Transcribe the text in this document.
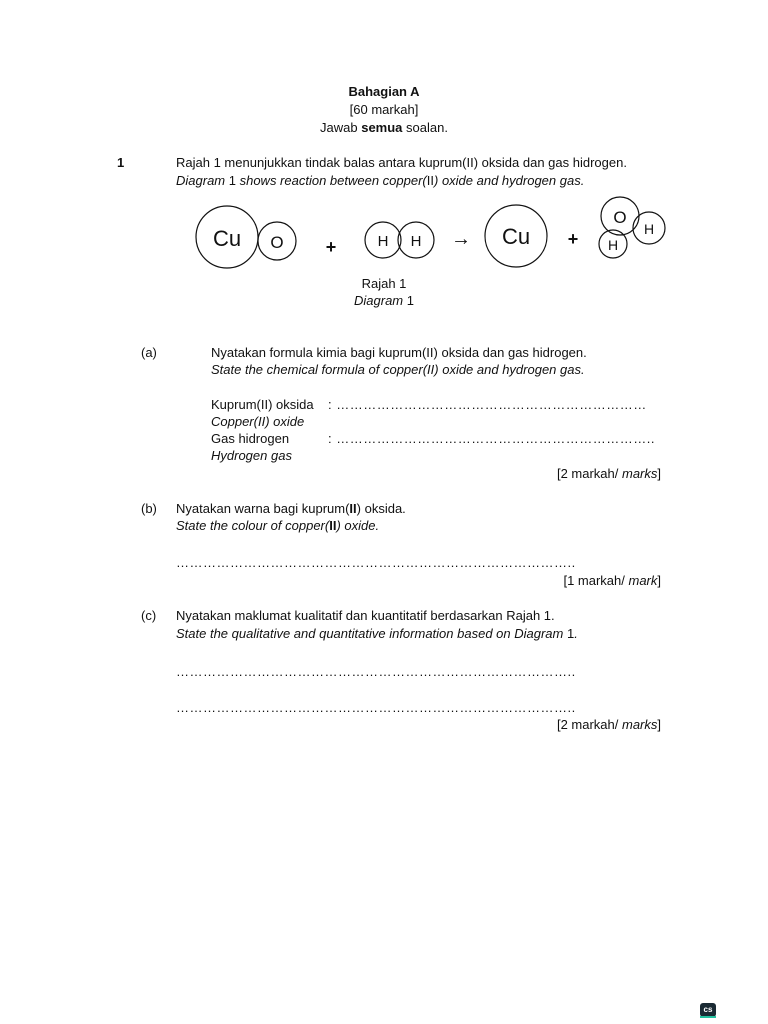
Bahagian A
[60 markah]
Jawab semua soalan.
1	Rajah 1 menunjukkan tindak balas antara kuprum(II) oksida dan gas hidrogen.
Diagram 1 shows reaction between copper(II) oxide and hydrogen gas.
Cu O +	H H → Cu +
O
H
H
Rajah 1
Diagram 1
(a)	Nyatakan formula kimia bagi kuprum(II) oksida dan gas hidrogen.
State the chemical formula of copper(II) oxide and hydrogen gas.
Kuprum(II) oksida : ……………………………………………………………
Copper(II) oxide
Gas hidrogen	: ……………………………………………………………..
Hydrogen gas
[2 markah/ marks]
(b) Nyatakan warna bagi kuprum(II) oksida.
State the colour of copper(II) oxide.
……………………………………………………………………………..
[1 markah/ mark]
(c) Nyatakan maklumat kualitatif dan kuantitatif berdasarkan Rajah 1.
State the qualitative and quantitative information based on Diagram 1.
……………………………………………………………………………..
……………………………………………………………………………..
[2 markah/ marks]
cs
